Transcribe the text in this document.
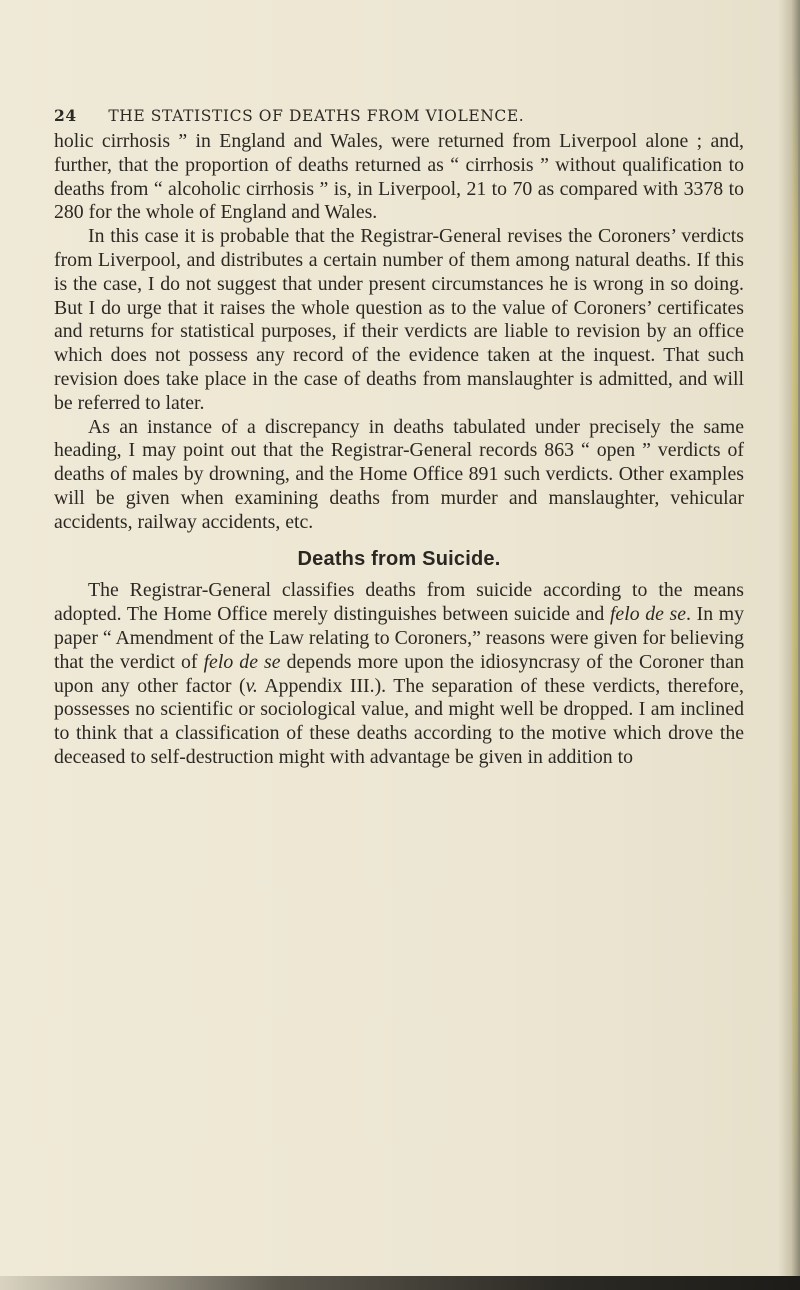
24 THE STATISTICS OF DEATHS FROM VIOLENCE.

holic cirrhosis ” in England and Wales, were returned from Liverpool alone ; and, further, that the proportion of deaths returned as “ cirrhosis ” without qualification to deaths from “ alcoholic cirrhosis ” is, in Liverpool, 21 to 70 as compared with 3378 to 280 for the whole of England and Wales.

In this case it is probable that the Registrar-General revises the Coroners’ verdicts from Liverpool, and distributes a certain number of them among natural deaths. If this is the case, I do not suggest that under present circumstances he is wrong in so doing. But I do urge that it raises the whole question as to the value of Coroners’ certificates and returns for statistical purposes, if their verdicts are liable to revision by an office which does not possess any record of the evidence taken at the inquest. That such revision does take place in the case of deaths from manslaughter is admitted, and will be referred to later.

As an instance of a discrepancy in deaths tabulated under precisely the same heading, I may point out that the Registrar-General records 863 “ open ” verdicts of deaths of males by drowning, and the Home Office 891 such verdicts. Other examples will be given when examining deaths from murder and manslaughter, vehicular accidents, railway accidents, etc.

Deaths from Suicide.

The Registrar-General classifies deaths from suicide according to the means adopted. The Home Office merely distinguishes between suicide and felo de se. In my paper “ Amendment of the Law relating to Coroners,” reasons were given for believing that the verdict of felo de se depends more upon the idiosyncrasy of the Coroner than upon any other factor (v. Appendix III.). The separation of these verdicts, therefore, possesses no scientific or sociological value, and might well be dropped. I am inclined to think that a classification of these deaths according to the motive which drove the deceased to self-destruction might with advantage be given in addition to
